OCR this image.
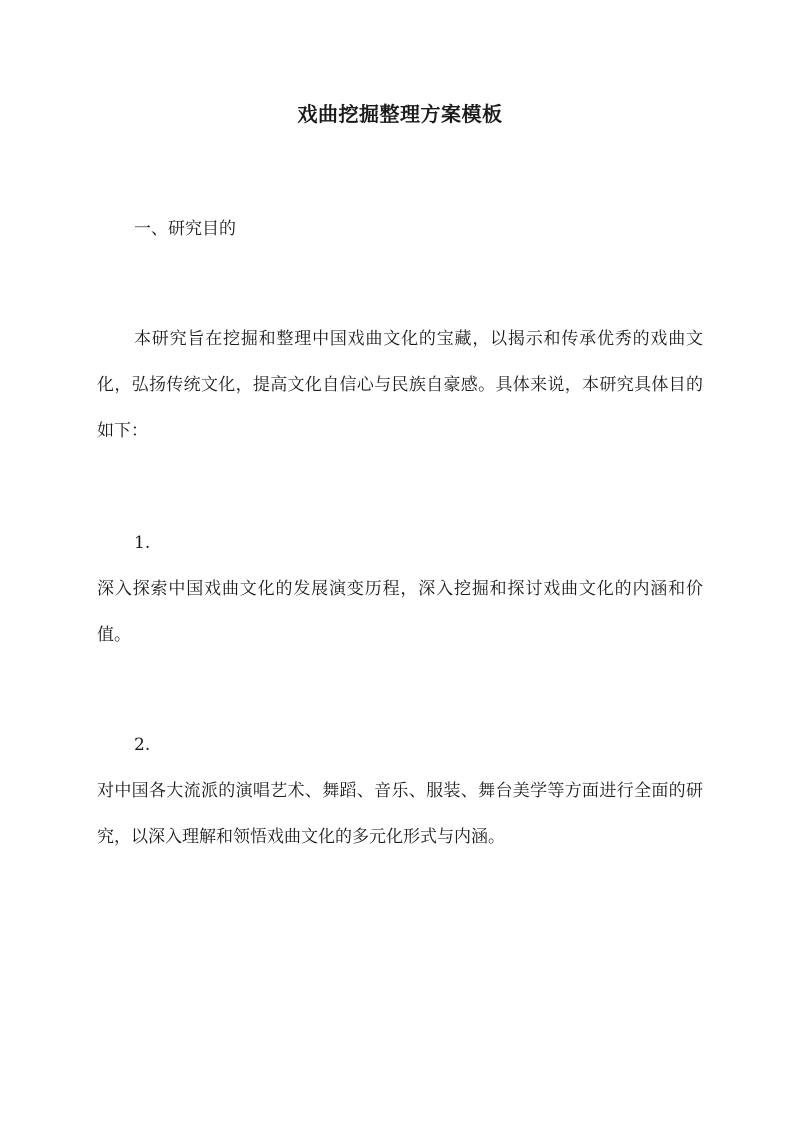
戏曲挖掘整理方案模板
一、研究目的
本研究旨在挖掘和整理中国戏曲文化的宝藏，以揭示和传承优秀的戏曲文化，弘扬传统文化，提高文化自信心与民族自豪感。具体来说，本研究具体目的如下：
1.
深入探索中国戏曲文化的发展演变历程，深入挖掘和探讨戏曲文化的内涵和价值。
2.
对中国各大流派的演唱艺术、舞蹈、音乐、服装、舞台美学等方面进行全面的研究，以深入理解和领悟戏曲文化的多元化形式与内涵。
